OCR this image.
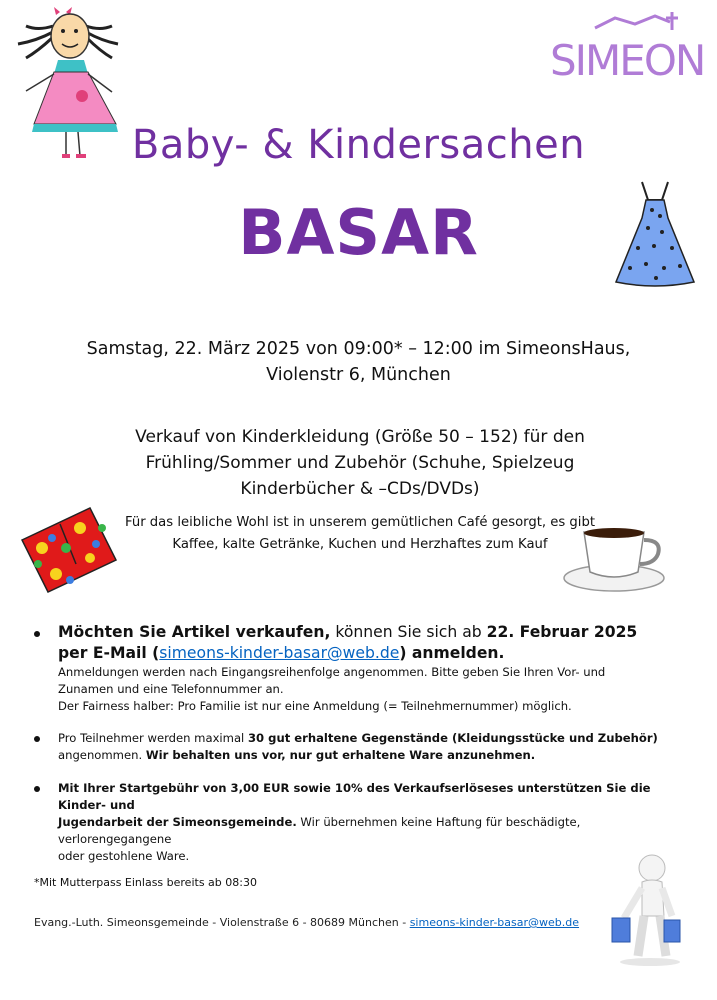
SIMEON
Baby- & Kindersachen
BASAR
Samstag, 22. März 2025 von 09:00* – 12:00 im SimeonsHaus,
Violenstr 6, München
Verkauf von Kinderkleidung (Größe 50 – 152) für den
Frühling/Sommer und Zubehör (Schuhe, Spielzeug
Kinderbücher & –CDs/DVDs)
Für das leibliche Wohl ist in unserem gemütlichen Café gesorgt, es gibt
Kaffee, kalte Getränke, Kuchen und Herzhaftes zum Kauf
Möchten Sie Artikel verkaufen, können Sie sich ab 22. Februar 2025
per E-Mail (simeons-kinder-basar@web.de) anmelden.
Anmeldungen werden nach Eingangsreihenfolge angenommen. Bitte geben Sie Ihren Vor- und
Zunamen und eine Telefonnummer an.
Der Fairness halber: Pro Familie ist nur eine Anmeldung (= Teilnehmernummer) möglich.
Pro Teilnehmer werden maximal 30 gut erhaltene Gegenstände (Kleidungsstücke und Zubehör)
angenommen. Wir behalten uns vor, nur gut erhaltene Ware anzunehmen.
Mit Ihrer Startgebühr von 3,00 EUR sowie 10% des Verkaufserlöseses unterstützen Sie die Kinder- und
Jugendarbeit der Simeonsgemeinde. Wir übernehmen keine Haftung für beschädigte, verlorengegangene
oder gestohlene Ware.
*Mit Mutterpass Einlass bereits ab 08:30
Evang.-Luth. Simeonsgemeinde - Violenstraße 6 - 80689 München - simeons-kinder-basar@web.de
